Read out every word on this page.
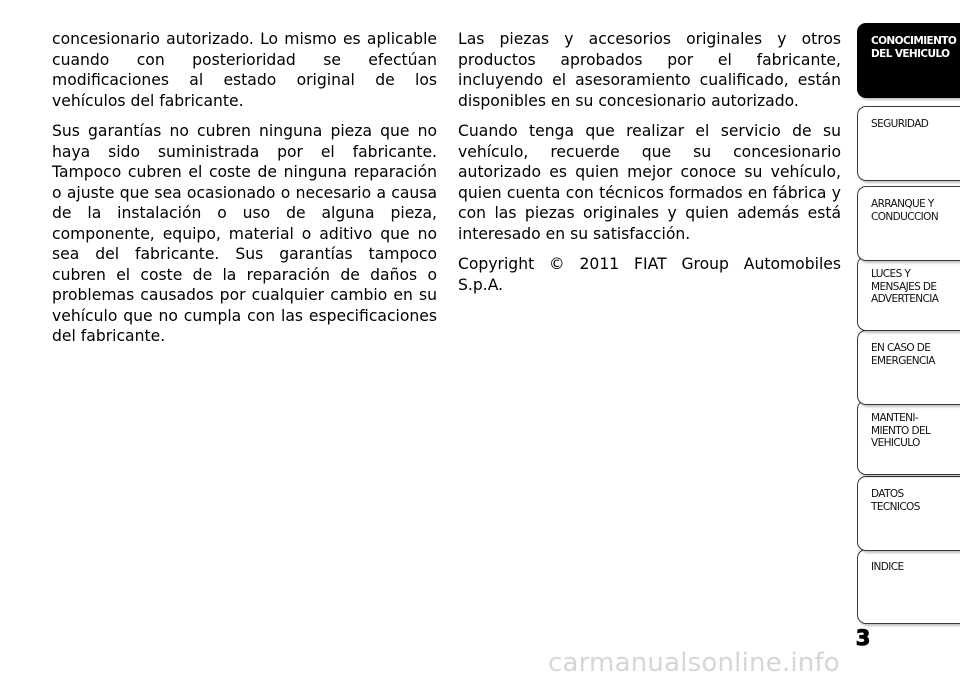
concesionario autorizado. Lo mismo es aplicable cuando con posterioridad se efectúan modificaciones al estado original de los vehículos del fabricante.

Sus garantías no cubren ninguna pieza que no haya sido suministrada por el fabricante. Tampoco cubren el coste de ninguna reparación o ajuste que sea ocasionado o necesario a causa de la instalación o uso de alguna pieza, componente, equipo, material o aditivo que no sea del fabricante. Sus garantías tampoco cubren el coste de la reparación de daños o problemas causados por cualquier cambio en su vehículo que no cumpla con las especificaciones del fabricante.

Las piezas y accesorios originales y otros productos aprobados por el fabricante, incluyendo el asesoramiento cualificado, están disponibles en su concesionario autorizado.

Cuando tenga que realizar el servicio de su vehículo, recuerde que su concesionario autorizado es quien mejor conoce su vehículo, quien cuenta con técnicos formados en fábrica y con las piezas originales y quien además está interesado en su satisfacción.

Copyright © 2011 FIAT Group Automobiles S.p.A.

CONOCIMIENTO
DEL VEHICULO
SEGURIDAD
ARRANQUE Y
CONDUCCION
LUCES Y
MENSAJES DE
ADVERTENCIA
EN CASO DE
EMERGENCIA
MANTENI-
MIENTO DEL
VEHICULO
DATOS
TECNICOS
INDICE
3
carmanualsonline.info
